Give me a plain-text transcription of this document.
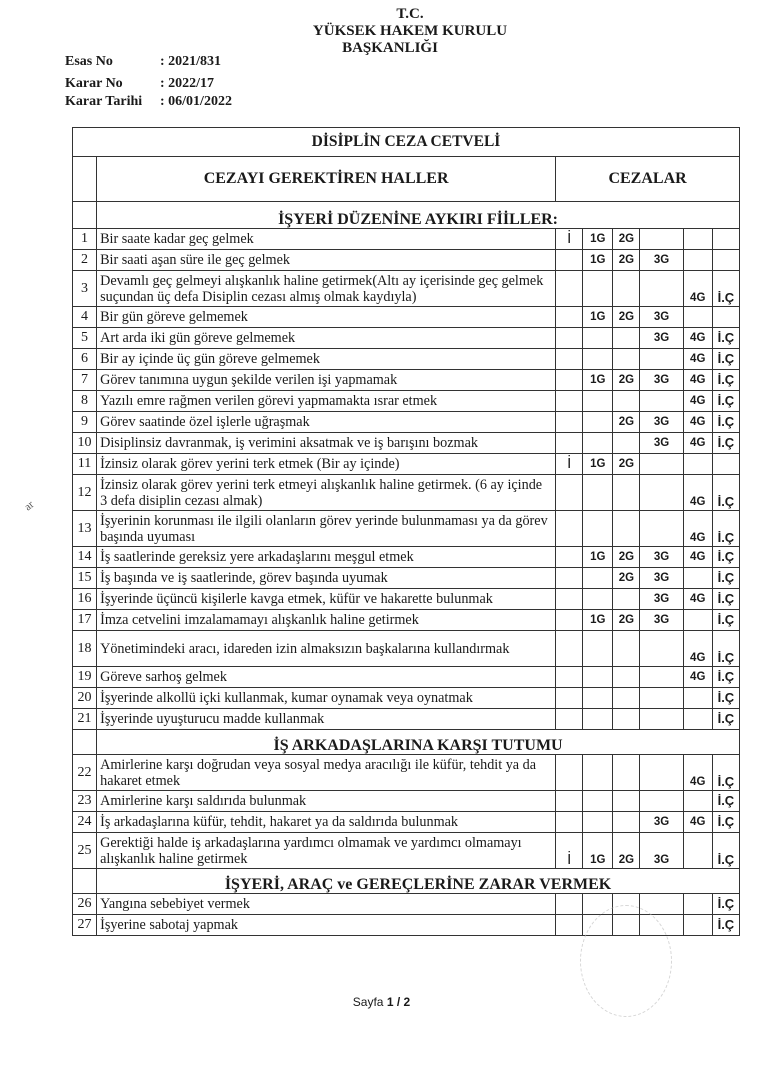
T.C.
YÜKSEK HAKEM KURULU
BAŞKANLIĞI
Esas No	: 2021/831
Karar No	: 2022/17
Karar Tarihi : 06/01/2022
ar
DİSİPLİN CEZA CETVELİ							
	CEZAYI GEREKTİREN HALLER	CEZALAR					
	İŞYERİ DÜZENİNE AYKIRI FİİLLER:						
1	Bir saate kadar geç gelmek	İ	1G	2G			
2	Bir saati aşan süre ile geç gelmek		1G	2G	3G		
3	Devamlı geç gelmeyi alışkanlık haline getirmek(Altı ay içerisinde geç gelmek suçundan üç defa Disiplin cezası almış olmak kaydıyla)					4G	İ.Ç
4	Bir gün göreve gelmemek		1G	2G	3G		
5	Art arda iki gün göreve gelmemek				3G	4G	İ.Ç
6	Bir ay içinde üç gün göreve gelmemek					4G	İ.Ç
7	Görev tanımına uygun şekilde verilen işi yapmamak		1G	2G	3G	4G	İ.Ç
8	Yazılı emre rağmen verilen görevi yapmamakta ısrar etmek					4G	İ.Ç
9	Görev saatinde özel işlerle uğraşmak			2G	3G	4G	İ.Ç
10	Disiplinsiz davranmak, iş verimini aksatmak ve iş barışını bozmak				3G	4G	İ.Ç
11	İzinsiz olarak görev yerini terk etmek (Bir ay içinde)	İ	1G	2G			
12	İzinsiz olarak görev yerini terk etmeyi alışkanlık haline getirmek. (6 ay içinde 3 defa disiplin cezası almak)					4G	İ.Ç
13	İşyerinin korunması ile ilgili olanların görev yerinde bulunmaması ya da görev başında uyuması					4G	İ.Ç
14	İş saatlerinde gereksiz yere arkadaşlarını meşgul etmek		1G	2G	3G	4G	İ.Ç
15	İş başında ve iş saatlerinde, görev başında uyumak			2G	3G		İ.Ç
16	İşyerinde üçüncü kişilerle kavga etmek, küfür ve hakarette bulunmak				3G	4G	İ.Ç
17	İmza cetvelini imzalamamayı alışkanlık haline getirmek		1G	2G	3G		İ.Ç
18	Yönetimindeki aracı, idareden izin almaksızın başkalarına kullandırmak					4G	İ.Ç
19	Göreve sarhoş gelmek					4G	İ.Ç
20	İşyerinde alkollü içki kullanmak, kumar oynamak veya oynatmak						İ.Ç
21	İşyerinde uyuşturucu madde kullanmak						İ.Ç
	İŞ ARKADAŞLARINA KARŞI TUTUMU						
22	Amirlerine karşı doğrudan veya sosyal medya aracılığı ile küfür, tehdit ya da hakaret etmek					4G	İ.Ç
23	Amirlerine karşı saldırıda bulunmak						İ.Ç
24	İş arkadaşlarına küfür, tehdit, hakaret ya da saldırıda bulunmak				3G	4G	İ.Ç
25	Gerektiği halde iş arkadaşlarına yardımcı olmamak ve yardımcı olmamayı alışkanlık haline getirmek	İ	1G	2G	3G		İ.Ç
	İŞYERİ, ARAÇ ve GEREÇLERİNE ZARAR VERMEK						
26	Yangına sebebiyet vermek						İ.Ç
27	İşyerine sabotaj yapmak						İ.Ç
Sayfa 1 / 2
